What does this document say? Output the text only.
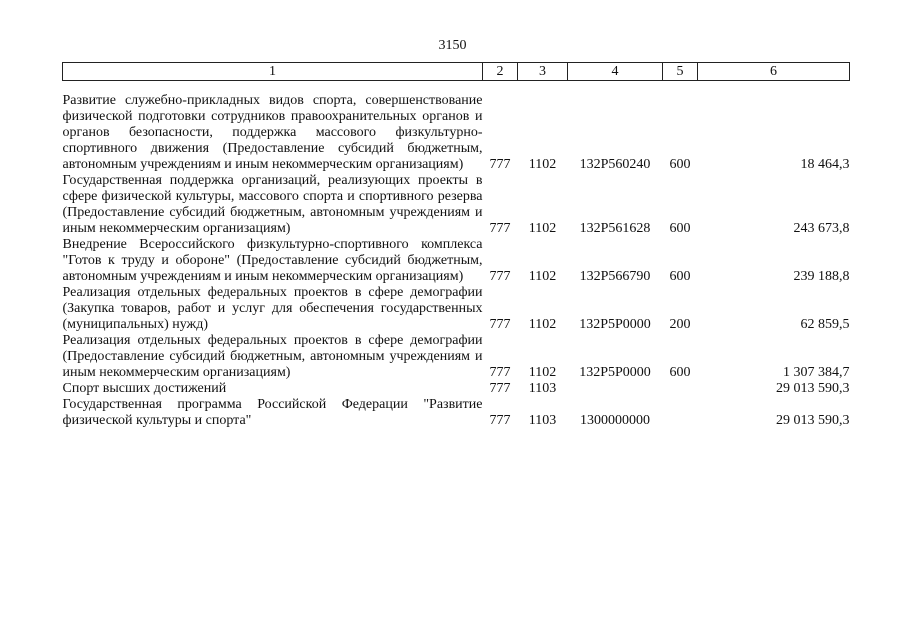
3150
1	2	3	4	5	6
Развитие служебно-прикладных видов спорта, совершенствование физической подготовки сотрудников правоохранительных органов и органов безопасности, поддержка массового физкультурно-спортивного движения (Предоставление субсидий бюджетным, автономным учреждениям и иным некоммерческим организациям)	777	1102	132P560240	600	18 464,3
Государственная поддержка организаций, реализующих проекты в сфере физической культуры, массового спорта и спортивного резерва (Предоставление субсидий бюджетным, автономным учреждениям и иным некоммерческим организациям)	777	1102	132P561628	600	243 673,8
Внедрение Всероссийского физкультурно-спортивного комплекса "Готов к труду и обороне" (Предоставление субсидий бюджетным, автономным учреждениям и иным некоммерческим организациям)	777	1102	132P566790	600	239 188,8
Реализация отдельных федеральных проектов в сфере демографии (Закупка товаров, работ и услуг для обеспечения государственных (муниципальных) нужд)	777	1102	132P5P0000	200	62 859,5
Реализация отдельных федеральных проектов в сфере демографии (Предоставление субсидий бюджетным, автономным учреждениям и иным некоммерческим организациям)	777	1102	132P5P0000	600	1 307 384,7
Спорт высших достижений	777	1103			29 013 590,3
Государственная программа Российской Федерации "Развитие физической культуры и спорта"	777	1103	1300000000		29 013 590,3
